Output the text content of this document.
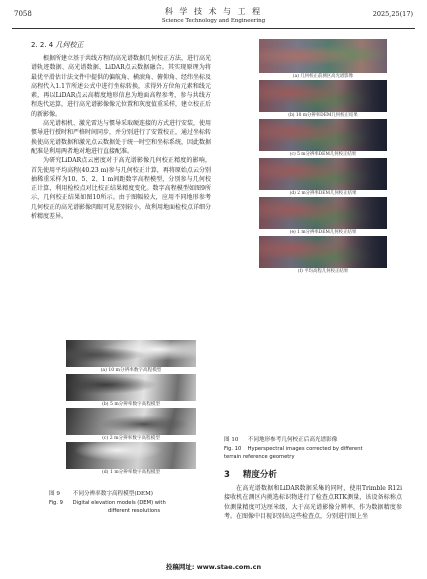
7058	科 学 技 术 与 工 程
Science Technology and Engineering
2025,25(17)
2. 2. 4 几何校正

根据所建立基于共线方程的高光谱数据几何校正方法，进行高光谱轨迹数据、高光谱数据、LiDAR点云数据融合。其实现原理为将最优平滑估计法文件中提供的偏航角、横滚角、俯仰角、经纬坐标及高程代入1.1节所述公式中进行坐标转换，求得外方位角元素和线元素，再以LiDAR点云高精度地形信息为地面高程参考，参与共线方程迭代运算，进行高光谱影像像元位置和灰度值重采样，建立校正后的新影像。

高光谱相机、激光雷达与惯导采取硬连接的方式进行安装，使用惯导进行授时和严格时间同步，并分别进行了安置校正，通过坐标转换使高光谱数据和激光点云数据处于统一时空和坐标系统，因此数据配准是利用两者地对地进行直接配准。

为研究LiDAR点云密度对于高光谱影像几何校正精度的影响，首先使用平均高程(40.23 m)参与几何校正计算，再将原始点云分别抽稀重采样为10、5、2、1 m间距数字高程模型，分别参与几何校正计算，利用检校点对比校正结果精度变化。数字高程模型如图9所示，几何校正结果如图10所示。由于图幅较大，应用不同地形参考几何校正的高光谱影像肉眼可见差别较小，故利用地面检校点详细分析精度差异。

(a) 10 m分辨率数字高程模型
(b) 5 m分辨率数字高程模型
(c) 2 m分辨率数字高程模型
(d) 1 m分辨率数字高程模型
图 9 不同分辨率数字高程模型(DEM)
Fig. 9 Digital elevation models (DEM) with
different resolutions
(a) 几何校正前测区高光谱影像
(b) 10 m分辨率DEM几何校正结果
(c) 5 m分辨率DEM几何校正结果
(d) 2 m分辨率DEM几何校正结果
(e) 1 m分辨率DEM几何校正结果
(f) 平均高程几何校正结果
图 10 不同地形参考几何校正后高光谱影像
Fig. 10 Hyperspectral images corrected by different
terrain reference geometry
3 精度分析

在高光谱数据和LiDAR数据采集的同时，使用Trimble R12i接收机在测区内挑选标识物进行了检查点RTK测量，该设备标称点位测量精度可达厘米级，大于高光谱影像分辨率，作为数据精度参考。在图像中目视识别出这些检查点，分别进行图上坐

投稿网址: www.stae.com.cn
